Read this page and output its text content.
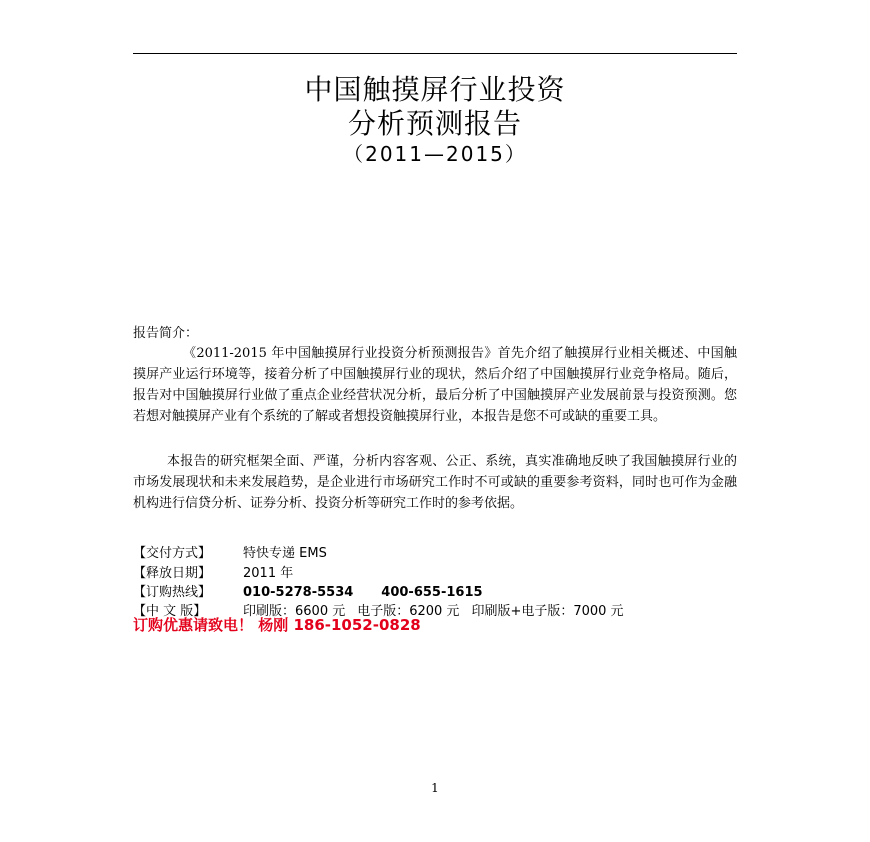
中国触摸屏行业投资
分析预测报告
（2011—2015）
报告简介：
《2011-2015 年中国触摸屏行业投资分析预测报告》首先介绍了触摸屏行业相关概述、中国触摸屏产业运行环境等，接着分析了中国触摸屏行业的现状，然后介绍了中国触摸屏行业竞争格局。随后，报告对中国触摸屏行业做了重点企业经营状况分析，最后分析了中国触摸屏产业发展前景与投资预测。您若想对触摸屏产业有个系统的了解或者想投资触摸屏行业，本报告是您不可或缺的重要工具。
本报告的研究框架全面、严谨，分析内容客观、公正、系统，真实准确地反映了我国触摸屏行业的市场发展现状和未来发展趋势，是企业进行市场研究工作时不可或缺的重要参考资料，同时也可作为金融机构进行信贷分析、证券分析、投资分析等研究工作时的参考依据。
【交付方式】 特快专递 EMS
【释放日期】 2011 年
【订购热线】 010-5278-5534 400-655-1615
【中 文 版】	印刷版：6600 元 电子版：6200 元 印刷版+电子版：7000 元
订购优惠请致电！ 杨刚 186-1052-0828
1
